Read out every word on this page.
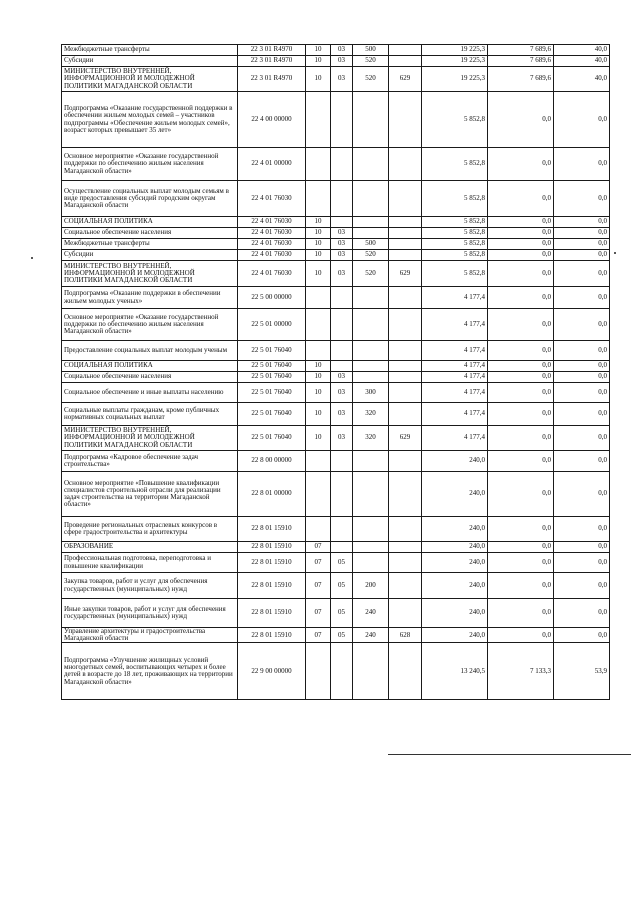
Межбюджетные трансферты	22 3 01 R4970	10	03	500		19 225,3	7 689,6	40,0
Субсидии	22 3 01 R4970	10	03	520		19 225,3	7 689,6	40,0
МИНИСТЕРСТВО ВНУТРЕННЕЙ, ИНФОРМАЦИОННОЙ И МОЛОДЕЖНОЙ ПОЛИТИКИ МАГАДАНСКОЙ ОБЛАСТИ	22 3 01 R4970	10	03	520	629	19 225,3	7 689,6	40,0
Подпрограмма «Оказание государственной поддержки в обеспечении жильем молодых семей – участников подпрограммы «Обеспечение жильем молодых семей», возраст которых превышает 35 лет»	22 4 00 00000					5 852,8	0,0	0,0
Основное мероприятие «Оказание государственной поддержки по обеспечению жильем населения Магаданской области»	22 4 01 00000					5 852,8	0,0	0,0
Осуществление социальных выплат молодым семьям в виде предоставления субсидий городским округам Магаданской области	22 4 01 76030					5 852,8	0,0	0,0
СОЦИАЛЬНАЯ ПОЛИТИКА	22 4 01 76030	10				5 852,8	0,0	0,0
Социальное обеспечение населения	22 4 01 76030	10	03			5 852,8	0,0	0,0
Межбюджетные трансферты	22 4 01 76030	10	03	500		5 852,8	0,0	0,0
Субсидии	22 4 01 76030	10	03	520		5 852,8	0,0	0,0
МИНИСТЕРСТВО ВНУТРЕННЕЙ, ИНФОРМАЦИОННОЙ И МОЛОДЕЖНОЙ ПОЛИТИКИ МАГАДАНСКОЙ ОБЛАСТИ	22 4 01 76030	10	03	520	629	5 852,8	0,0	0,0
Подпрограмма «Оказание поддержки в обеспечении жильем молодых ученых»	22 5 00 00000					4 177,4	0,0	0,0
Основное мероприятие «Оказание государственной поддержки по обеспечению жильем населения Магаданской области»	22 5 01 00000					4 177,4	0,0	0,0
Предоставление социальных выплат молодым ученым	22 5 01 76040					4 177,4	0,0	0,0
СОЦИАЛЬНАЯ ПОЛИТИКА	22 5 01 76040	10				4 177,4	0,0	0,0
Социальное обеспечение населения	22 5 01 76040	10	03			4 177,4	0,0	0,0
Социальное обеспечение и иные выплаты населению	22 5 01 76040	10	03	300		4 177,4	0,0	0,0
Социальные выплаты гражданам, кроме публичных нормативных социальных выплат	22 5 01 76040	10	03	320		4 177,4	0,0	0,0
МИНИСТЕРСТВО ВНУТРЕННЕЙ, ИНФОРМАЦИОННОЙ И МОЛОДЕЖНОЙ ПОЛИТИКИ МАГАДАНСКОЙ ОБЛАСТИ	22 5 01 76040	10	03	320	629	4 177,4	0,0	0,0
Подпрограмма «Кадровое обеспечение задач строительства»	22 8 00 00000					240,0	0,0	0,0
Основное мероприятие «Повышение квалификации специалистов строительной отрасли для реализации задач строительства на территории Магаданской области»	22 8 01 00000					240,0	0,0	0,0
Проведение региональных отраслевых конкурсов в сфере градостроительства и архитектуры	22 8 01 15910					240,0	0,0	0,0
ОБРАЗОВАНИЕ	22 8 01 15910	07				240,0	0,0	0,0
Профессиональная подготовка, переподготовка и повышение квалификации	22 8 01 15910	07	05			240,0	0,0	0,0
Закупка товаров, работ и услуг для обеспечения государственных (муниципальных) нужд	22 8 01 15910	07	05	200		240,0	0,0	0,0
Иные закупки товаров, работ и услуг для обеспечения государственных (муниципальных) нужд	22 8 01 15910	07	05	240		240,0	0,0	0,0
Управление архитектуры и градостроительства Магаданской области	22 8 01 15910	07	05	240	628	240,0	0,0	0,0
Подпрограмма «Улучшение жилищных условий многодетных семей, воспитывающих четырех и более детей в возрасте до 18 лет, проживающих на территории Магаданской области»	22 9 00 00000					13 240,5	7 133,3	53,9
